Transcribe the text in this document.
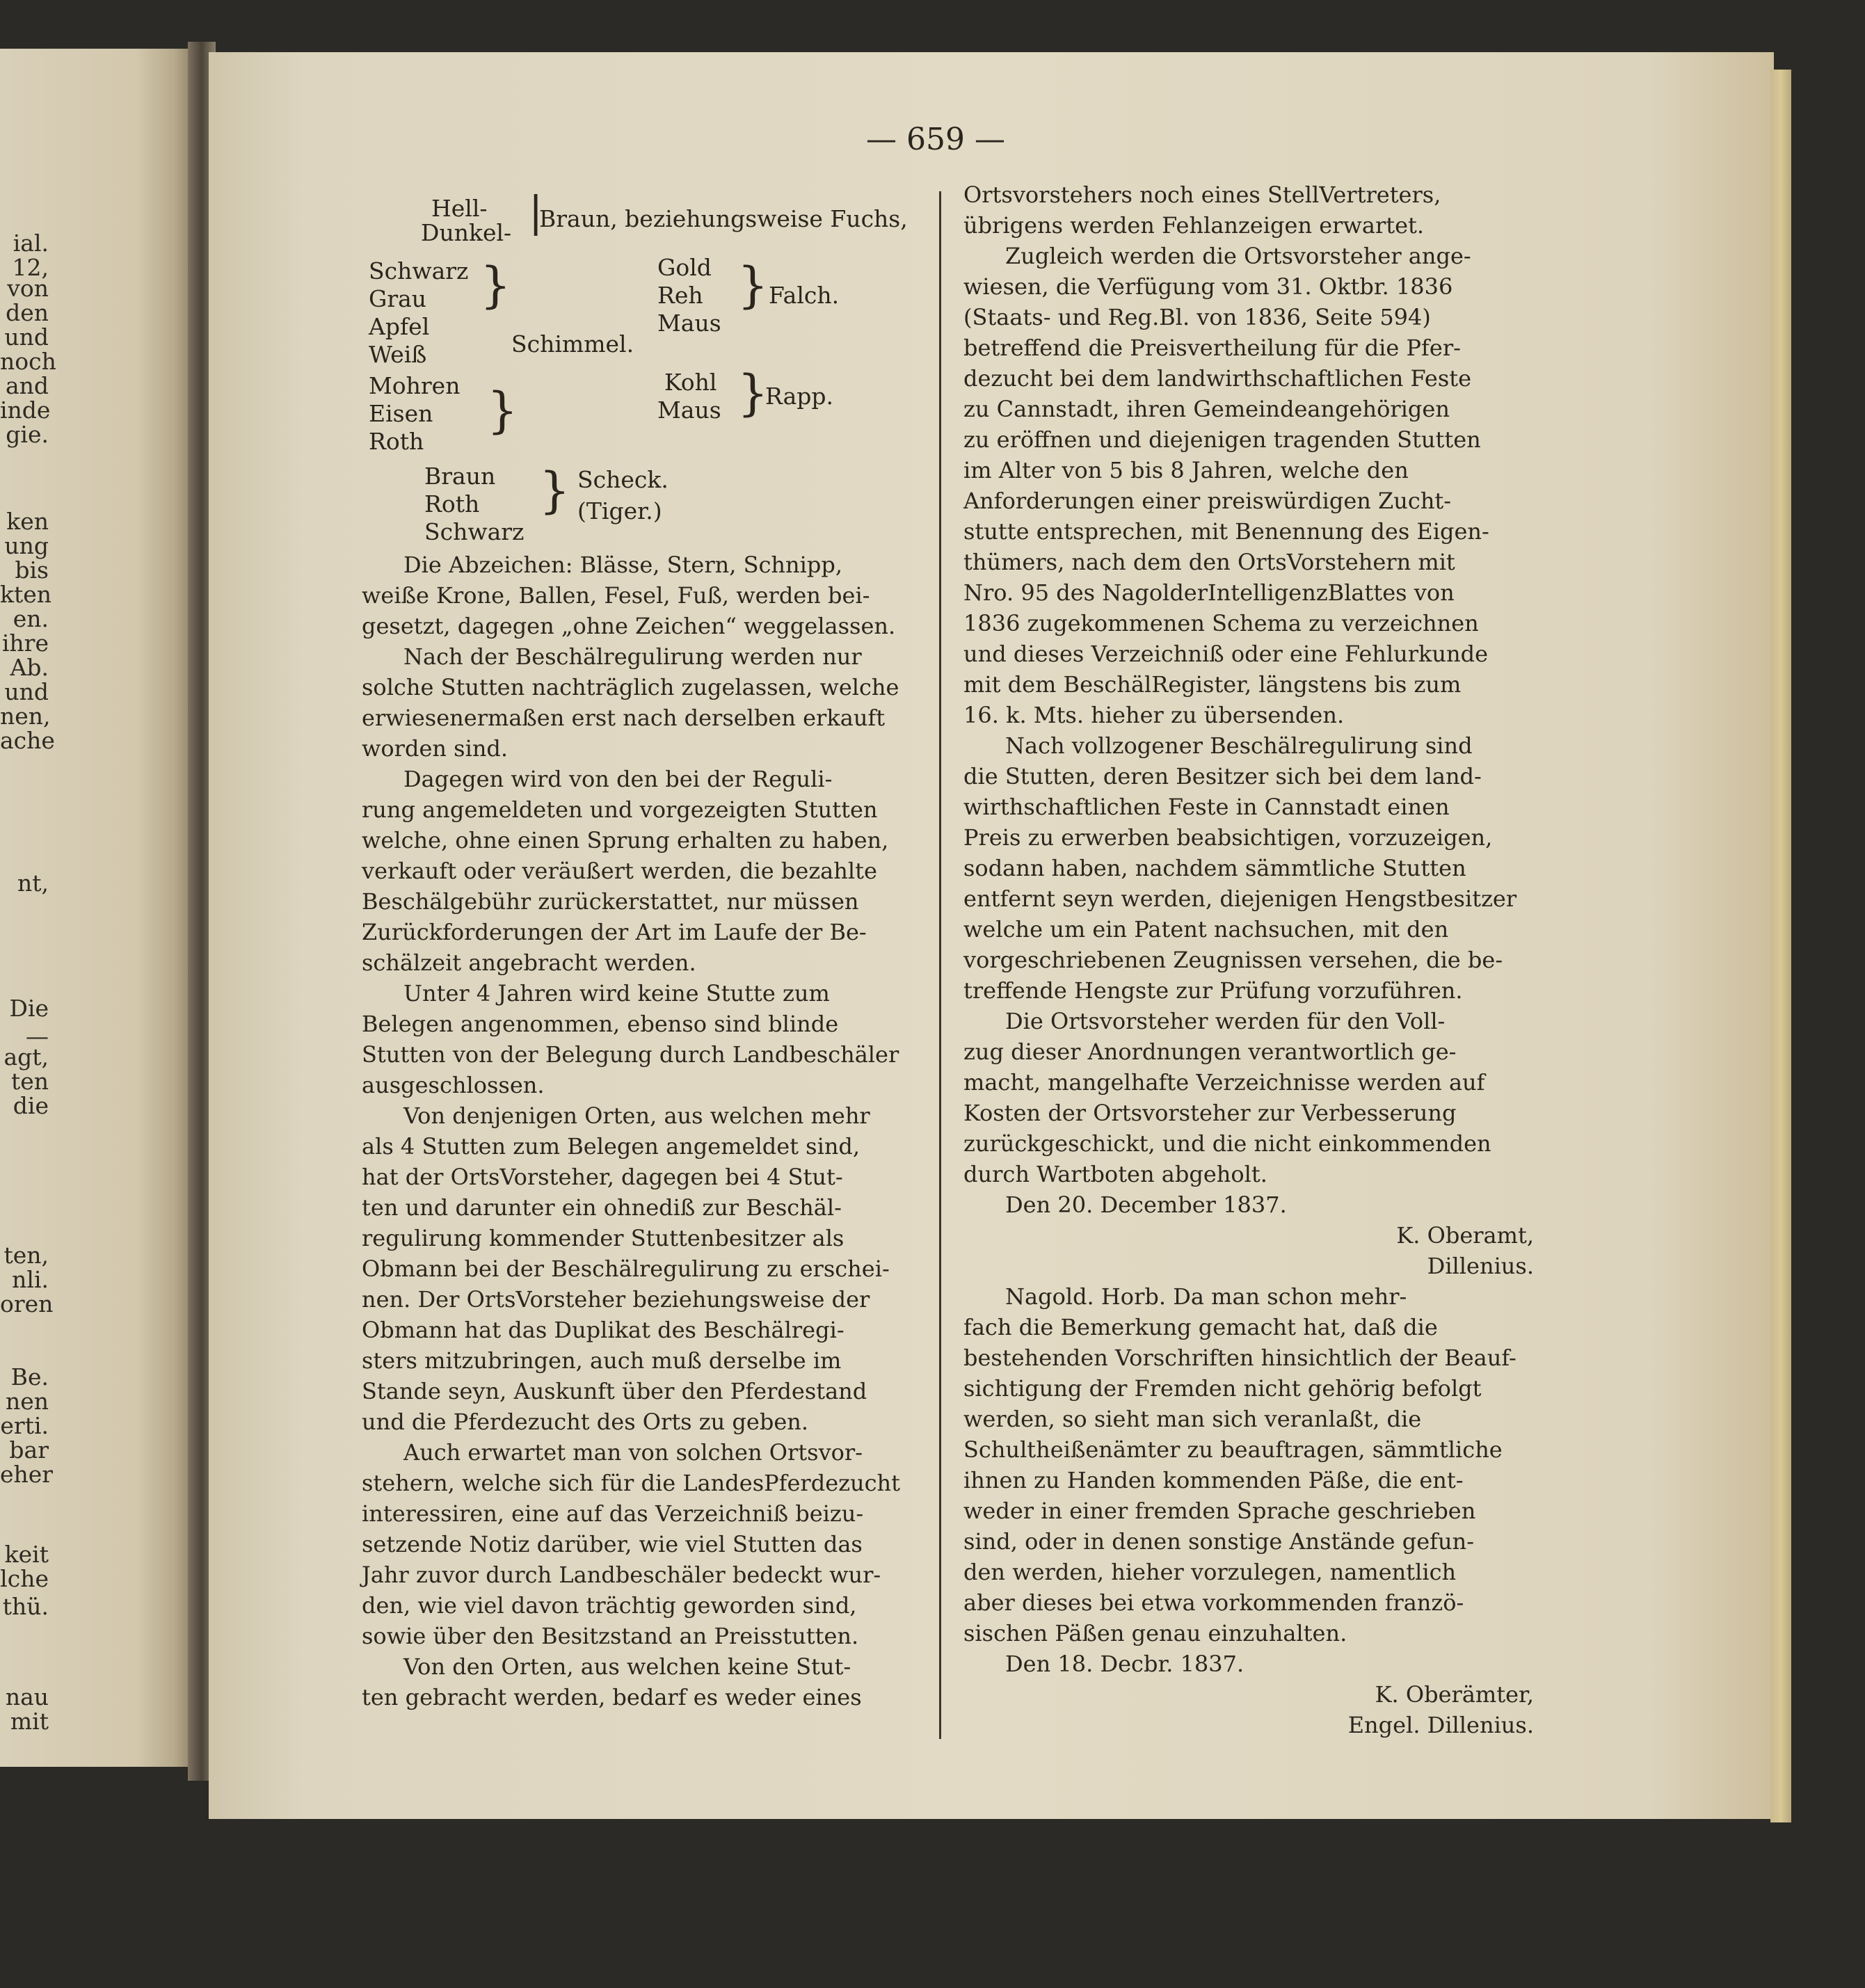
ial.
12,
von
den
und
noch
and
inde
gie.
ken
ung
bis
kten
en.
ihre
Ab.
und
nen,
ache
nt,
Die
—
agt,
ten
die
ten,
nli.
oren
Be.
nen
erti.
bar
eher
keit
lche
thü.
nau
mit
— 659 —
Hell-
Dunkel- |
Braun, beziehungsweise Fuchs,
Schwarz
Grau
Apfel
Weiß
}
Schimmel.
Gold
Reh
Maus
} Falch.
Mohren
Eisen
Roth
}	Kohl
Maus }
Rapp.
Braun
Roth
Schwarz
} Scheck.
(Tiger.)

Die Abzeichen: Blässe, Stern, Schnipp,

weiße Krone, Ballen, Fesel, Fuß, werden bei-

gesetzt, dagegen „ohne Zeichen“ weggelassen.

Nach der Beschälregulirung werden nur

solche Stutten nachträglich zugelassen, welche

erwiesenermaßen erst nach derselben erkauft

worden sind.

Dagegen wird von den bei der Reguli-

rung angemeldeten und vorgezeigten Stutten

welche, ohne einen Sprung erhalten zu haben,

verkauft oder veräußert werden, die bezahlte

Beschälgebühr zurückerstattet, nur müssen

Zurückforderungen der Art im Laufe der Be-

schälzeit angebracht werden.

Unter 4 Jahren wird keine Stutte zum

Belegen angenommen, ebenso sind blinde

Stutten von der Belegung durch Landbeschäler

ausgeschlossen.

Von denjenigen Orten, aus welchen mehr

als 4 Stutten zum Belegen angemeldet sind,

hat der OrtsVorsteher, dagegen bei 4 Stut-

ten und darunter ein ohnediß zur Beschäl-

regulirung kommender Stuttenbesitzer als

Obmann bei der Beschälregulirung zu erschei-

nen. Der OrtsVorsteher beziehungsweise der

Obmann hat das Duplikat des Beschälregi-

sters mitzubringen, auch muß derselbe im

Stande seyn, Auskunft über den Pferdestand

und die Pferdezucht des Orts zu geben.

Auch erwartet man von solchen Ortsvor-

stehern, welche sich für die LandesPferdezucht

interessiren, eine auf das Verzeichniß beizu-

setzende Notiz darüber, wie viel Stutten das

Jahr zuvor durch Landbeschäler bedeckt wur-

den, wie viel davon trächtig geworden sind,

sowie über den Besitzstand an Preisstutten.

Von den Orten, aus welchen keine Stut-

ten gebracht werden, bedarf es weder eines

Ortsvorstehers noch eines StellVertreters,

übrigens werden Fehlanzeigen erwartet.

Zugleich werden die Ortsvorsteher ange-

wiesen, die Verfügung vom 31. Oktbr. 1836

(Staats- und Reg.Bl. von 1836, Seite 594)

betreffend die Preisvertheilung für die Pfer-

dezucht bei dem landwirthschaftlichen Feste

zu Cannstadt, ihren Gemeindeangehörigen

zu eröffnen und diejenigen tragenden Stutten

im Alter von 5 bis 8 Jahren, welche den

Anforderungen einer preiswürdigen Zucht-

stutte entsprechen, mit Benennung des Eigen-

thümers, nach dem den OrtsVorstehern mit

Nro. 95 des NagolderIntelligenzBlattes von

1836 zugekommenen Schema zu verzeichnen

und dieses Verzeichniß oder eine Fehlurkunde

mit dem BeschälRegister, längstens bis zum

16. k. Mts. hieher zu übersenden.

Nach vollzogener Beschälregulirung sind

die Stutten, deren Besitzer sich bei dem land-

wirthschaftlichen Feste in Cannstadt einen

Preis zu erwerben beabsichtigen, vorzuzeigen,

sodann haben, nachdem sämmtliche Stutten

entfernt seyn werden, diejenigen Hengstbesitzer

welche um ein Patent nachsuchen, mit den

vorgeschriebenen Zeugnissen versehen, die be-

treffende Hengste zur Prüfung vorzuführen.

Die Ortsvorsteher werden für den Voll-

zug dieser Anordnungen verantwortlich ge-

macht, mangelhafte Verzeichnisse werden auf

Kosten der Ortsvorsteher zur Verbesserung

zurückgeschickt, und die nicht einkommenden

durch Wartboten abgeholt.

Den 20. December 1837.

K. Oberamt,

Dillenius.

Nagold. Horb. Da man schon mehr-

fach die Bemerkung gemacht hat, daß die

bestehenden Vorschriften hinsichtlich der Beauf-

sichtigung der Fremden nicht gehörig befolgt

werden, so sieht man sich veranlaßt, die

Schultheißenämter zu beauftragen, sämmtliche

ihnen zu Handen kommenden Päße, die ent-

weder in einer fremden Sprache geschrieben

sind, oder in denen sonstige Anstände gefun-

den werden, hieher vorzulegen, namentlich

aber dieses bei etwa vorkommenden franzö-

sischen Päßen genau einzuhalten.

Den 18. Decbr. 1837.

K. Oberämter,

Engel. Dillenius.
